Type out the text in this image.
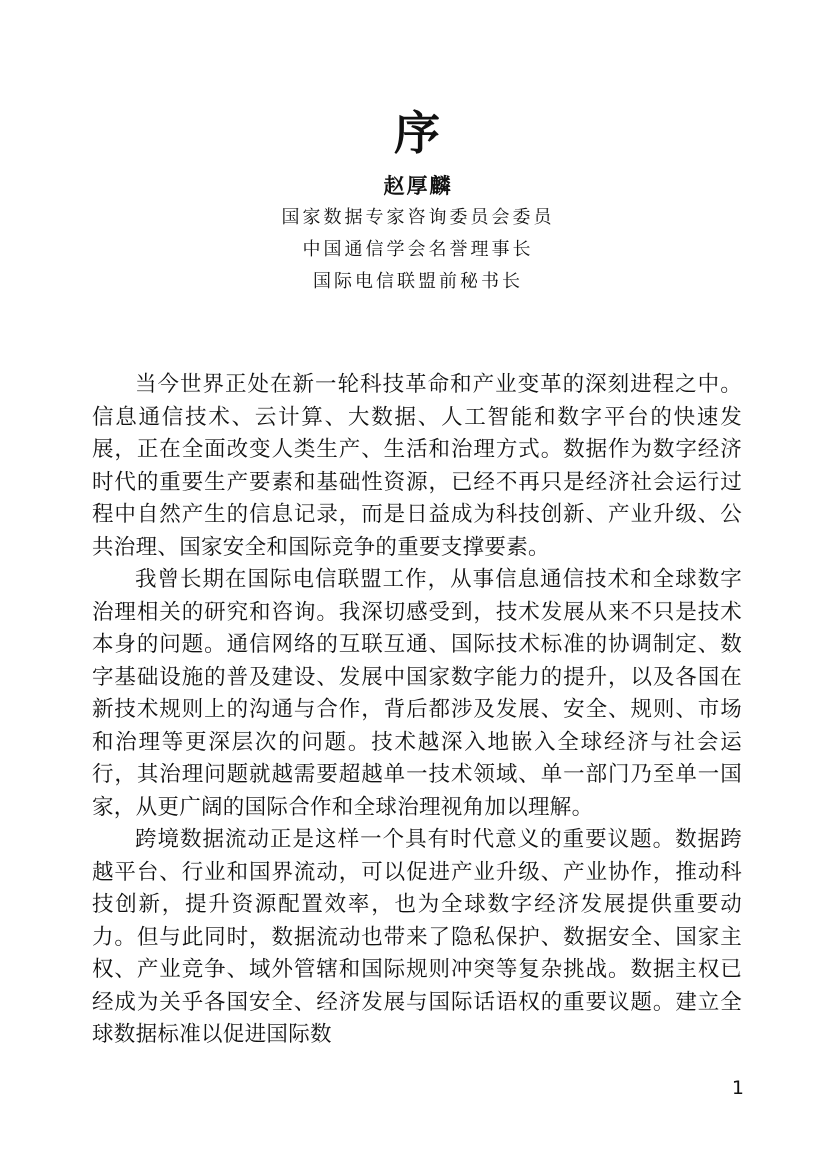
序
赵厚麟
国家数据专家咨询委员会委员
中国通信学会名誉理事长
国际电信联盟前秘书长

当今世界正处在新一轮科技革命和产业变革的深刻进程之中。信息通信技术、云计算、大数据、人工智能和数字平台的快速发展，正在全面改变人类生产、生活和治理方式。数据作为数字经济时代的重要生产要素和基础性资源，已经不再只是经济社会运行过程中自然产生的信息记录，而是日益成为科技创新、产业升级、公共治理、国家安全和国际竞争的重要支撑要素。

我曾长期在国际电信联盟工作，从事信息通信技术和全球数字治理相关的研究和咨询。我深切感受到，技术发展从来不只是技术本身的问题。通信网络的互联互通、国际技术标准的协调制定、数字基础设施的普及建设、发展中国家数字能力的提升，以及各国在新技术规则上的沟通与合作，背后都涉及发展、安全、规则、市场和治理等更深层次的问题。技术越深入地嵌入全球经济与社会运行，其治理问题就越需要超越单一技术领域、单一部门乃至单一国家，从更广阔的国际合作和全球治理视角加以理解。

跨境数据流动正是这样一个具有时代意义的重要议题。数据跨越平台、行业和国界流动，可以促进产业升级、产业协作，推动科技创新，提升资源配置效率，也为全球数字经济发展提供重要动力。但与此同时，数据流动也带来了隐私保护、数据安全、国家主权、产业竞争、域外管辖和国际规则冲突等复杂挑战。数据主权已经成为关乎各国安全、经济发展与国际话语权的重要议题。建立全球数据标准以促进国际数

1
